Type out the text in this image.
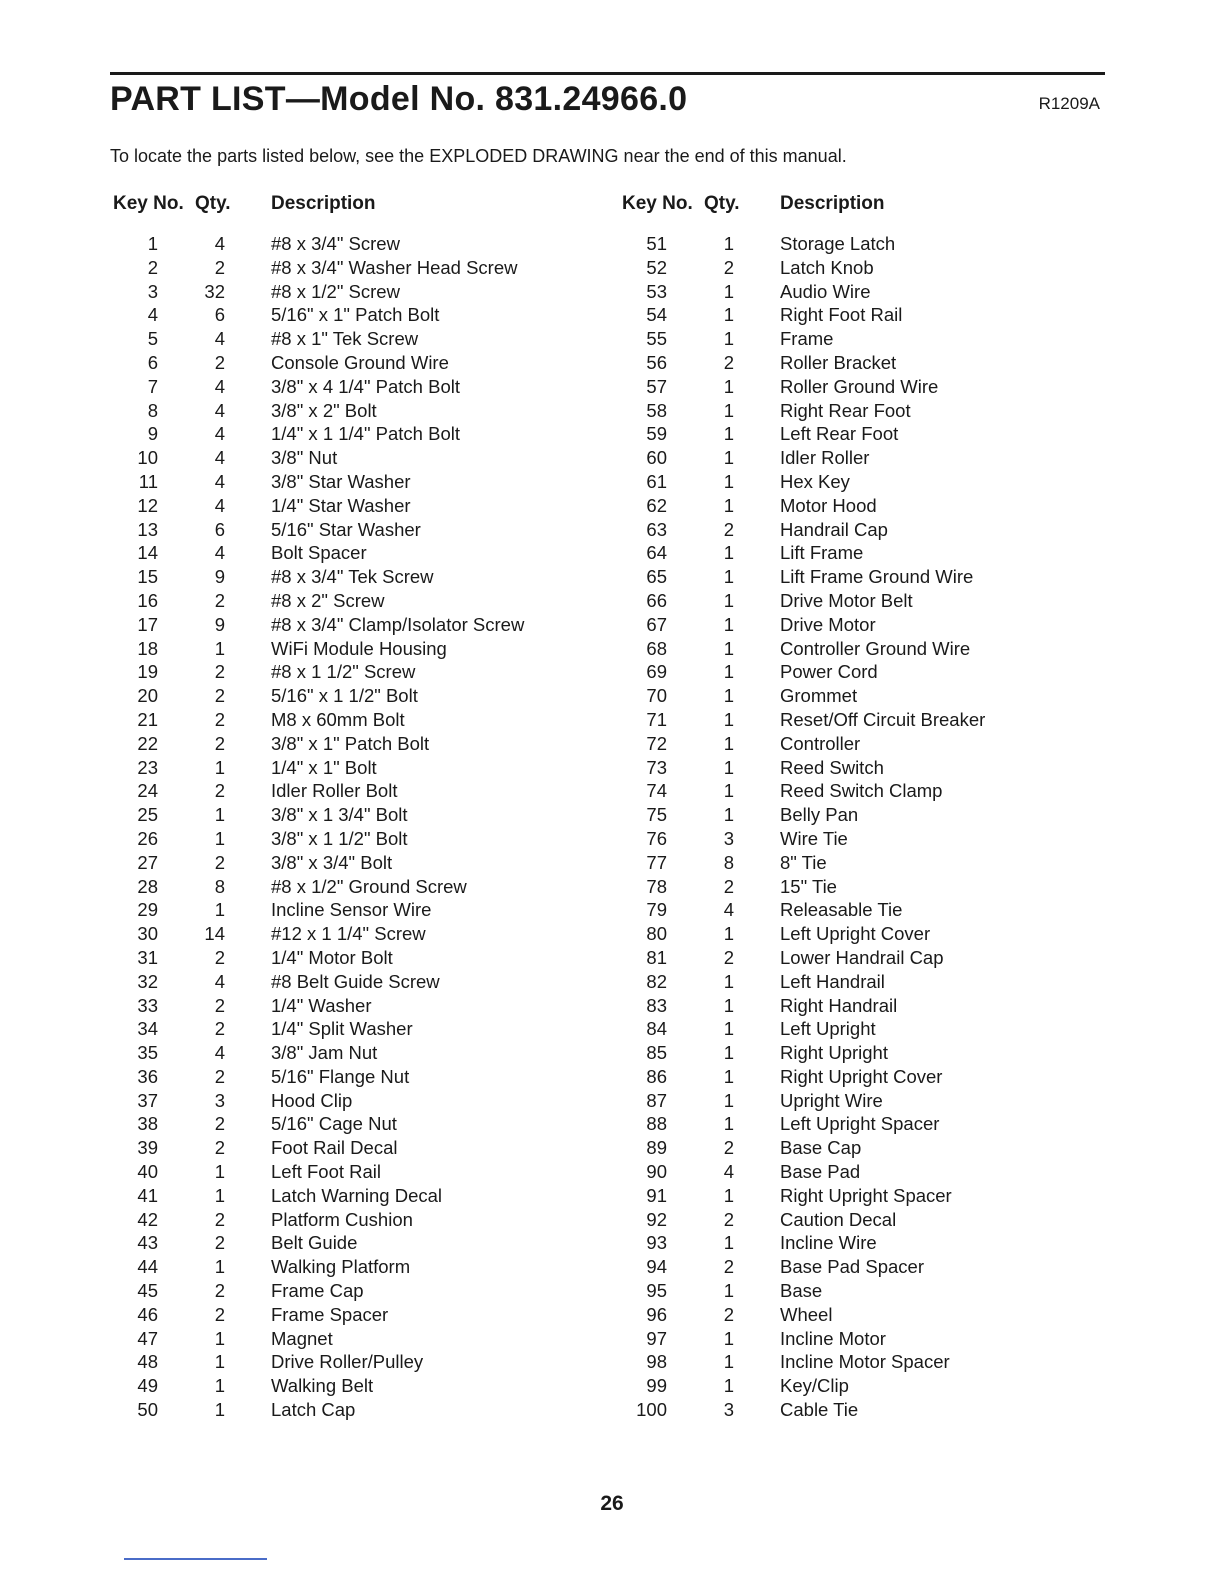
PART LIST—Model No. 831.24966.0	R1209A
To locate the parts listed below, see the EXPLODED DRAWING near the end of this manual.
Key No. Qty. Description
1	4 #8 x 3/4" Screw
2	2 #8 x 3/4" Washer Head Screw
3	32 #8 x 1/2" Screw
4	6 5/16" x 1" Patch Bolt
5	4 #8 x 1" Tek Screw
6	2 Console Ground Wire
7	4 3/8" x 4 1/4" Patch Bolt
8	4 3/8" x 2" Bolt
9	4 1/4" x 1 1/4" Patch Bolt
10	4 3/8" Nut
11	4 3/8" Star Washer
12	4 1/4" Star Washer
13	6 5/16" Star Washer
14	4 Bolt Spacer
15	9 #8 x 3/4" Tek Screw
16	2 #8 x 2" Screw
17	9 #8 x 3/4" Clamp/Isolator Screw
18	1 WiFi Module Housing
19	2 #8 x 1 1/2" Screw
20	2 5/16" x 1 1/2" Bolt
21	2 M8 x 60mm Bolt
22	2 3/8" x 1" Patch Bolt
23	1 1/4" x 1" Bolt
24	2 Idler Roller Bolt
25	1 3/8" x 1 3/4" Bolt
26	1 3/8" x 1 1/2" Bolt
27	2 3/8" x 3/4" Bolt
28	8 #8 x 1/2" Ground Screw
29	1 Incline Sensor Wire
30	14 #12 x 1 1/4" Screw
31	2 1/4" Motor Bolt
32	4 #8 Belt Guide Screw
33	2 1/4" Washer
34	2 1/4" Split Washer
35	4 3/8" Jam Nut
36	2 5/16" Flange Nut
37	3 Hood Clip
38	2 5/16" Cage Nut
39	2 Foot Rail Decal
40	1 Left Foot Rail
41	1 Latch Warning Decal
42	2 Platform Cushion
43	2 Belt Guide
44	1 Walking Platform
45	2 Frame Cap
46	2 Frame Spacer
47	1 Magnet
48	1 Drive Roller/Pulley
49	1 Walking Belt
50	1 Latch Cap
Key No. Qty. Description
51	1 Storage Latch
52	2 Latch Knob
53	1 Audio Wire
54	1 Right Foot Rail
55	1 Frame
56	2 Roller Bracket
57	1 Roller Ground Wire
58	1 Right Rear Foot
59	1 Left Rear Foot
60	1 Idler Roller
61	1 Hex Key
62	1 Motor Hood
63	2 Handrail Cap
64	1 Lift Frame
65	1 Lift Frame Ground Wire
66	1 Drive Motor Belt
67	1 Drive Motor
68	1 Controller Ground Wire
69	1 Power Cord
70	1 Grommet
71	1 Reset/Off Circuit Breaker
72	1 Controller
73	1 Reed Switch
74	1 Reed Switch Clamp
75	1 Belly Pan
76	3 Wire Tie
77	8 8" Tie
78	2 15" Tie
79	4 Releasable Tie
80	1 Left Upright Cover
81	2 Lower Handrail Cap
82	1 Left Handrail
83	1 Right Handrail
84	1 Left Upright
85	1 Right Upright
86	1 Right Upright Cover
87	1 Upright Wire
88	1 Left Upright Spacer
89	2 Base Cap
90	4 Base Pad
91	1 Right Upright Spacer
92	2 Caution Decal
93	1 Incline Wire
94	2 Base Pad Spacer
95	1 Base
96	2 Wheel
97	1 Incline Motor
98	1 Incline Motor Spacer
99	1 Key/Clip
100	3 Cable Tie
26
